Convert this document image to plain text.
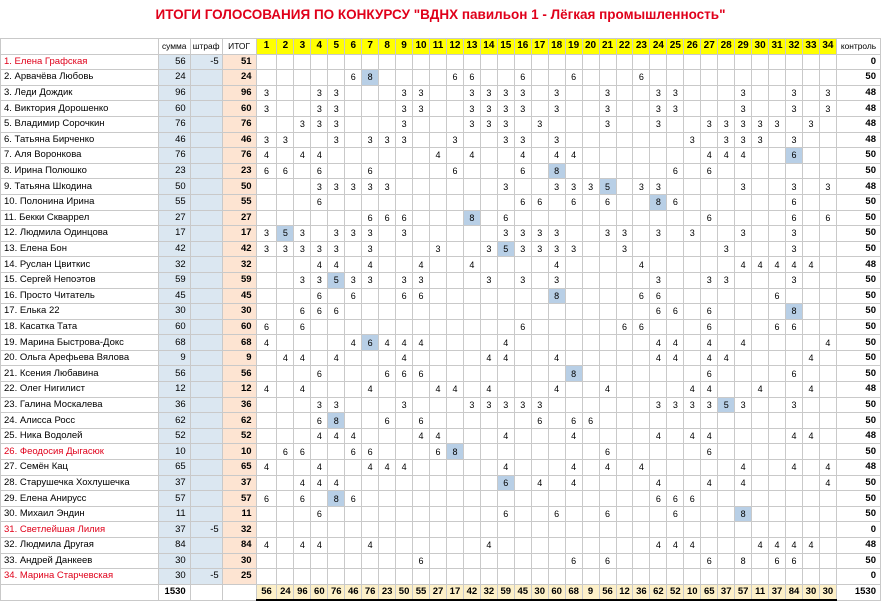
ИТОГИ ГОЛОСОВАНИЯ ПО КОНКУРСУ "ВДНХ павильон 1 - Лёгкая промышленность"
	сумма	штраф	ИТОГ	1	2	3	4	5	6	7	8	9	10	11	12	13	14	15	16	17	18	19	20	21	22	23	24	25	26	27	28	29	30	31	32	33	34	контроль
1. Елена Графская	56	-5	51																																			0
2. Арвачёва Любовь	24		24						6	8					6	6			6			6				6												50
3. Леди Дождик	96		96	3			3	3				3	3			3	3	3	3		3			3			3	3				3			3		3	48
4. Виктория Дорошенко	60		60	3			3	3				3	3			3	3	3	3		3			3			3	3				3			3		3	48
5. Владимир Сорочкин	76		76			3	3	3				3				3	3	3		3				3			3			3	3	3	3	3		3		48
6. Татьяна Бирченко	46		46	3	3			3		3	3	3			3			3	3		3								3		3	3	3		3			48
7. Аля Воронкова	76		76	4		4	4							4		4			4		4	4								4	4	4			6			50
8. Ирина Полюшко	23		23	6	6		6			6					6				6		8							6		6								50
9. Татьяна Шкодина	50		50				3	3	3	3	3							3			3	3	3	5		3	3					3			3		3	48
10. Полонина Ирина	55		55				6												6	6		6		6			8	6							6			50
11. Бекки Скваррел	27		27							6	6	6				8		6												6					6		6	50
12. Людмила Одинцова	17		17	3	5	3		3	3	3		3						3	3	3	3			3	3		3		3			3			3			50
13. Елена Бон	42		42	3	3	3	3	3		3				3			3	5	3	3	3	3			3						3				3			50
14. Руслан Цвиткис	32		32				4	4		4			4			4					4					4						4	4	4	4	4		48
15. Сергей Непоэтов	59		59			3	3	5	3	3		3	3				3		3		3						3			3	3				3			50
16. Просто Читатель	45		45				6		6			6	6								8					6	6							6				50
17. Елька 22	30		30			6	6	6																			6	6		6					8			50
18. Касатка Тата	60		60	6		6													6						6	6				6				6	6			50
19. Марина Быстрова-Докс	68		68	4					4	6	4	4	4					4									4	4		4		4					4	50
20. Ольга Арефьева Вялова	9		9		4	4		4				4					4	4			4						4	4		4	4					4		50
21. Ксения Любавина	56		56				6				6	6	6									8								6					6			50
22. Олег Нигилист	12		12	4		4				4				4	4		4				4			4					4	4			4			4		48
23. Галина Москалева	36		36				3	3				3				3	3	3	3	3							3	3	3	3	5	3			3			50
24. Алисса Росс	62		62				6	8			6		6							6		6	6															50
25. Ника Водолей	52		52				4	4	4				4	4				4				4					4		4	4					4	4		48
26. Феодосия Дыгасюк	10		10		6	6			6	6				6	8									6						6								50
27. Семён Кац	65		65	4			4			4	4	4						4				4		4		4						4			4		4	48
28. Старушечка Хохлушечка	37		37			4	4	4										6		4		4					4			4		4					4	50
29. Елена Анирусс	57		57	6		6		8	6																		6	6	6									50
30. Михаил Эндин	11		11				6											6			6			6				6				8						50
31. Светлейшая Лилия	37	-5	32																																			0
32. Людмила Другая	84		84	4		4	4			4							4										4	4	4				4	4	4	4		48
33. Андрей Данкеев	30		30										6									6		6						6		8		6	6			50
34. Марина Старчевская	30	-5	25																																			0
	1530			56	24	96	60	76	46	76	23	50	55	27	17	42	32	59	45	30	60	68	9	56	12	36	62	52	10	65	37	57	11	37	84	30	30	1530
